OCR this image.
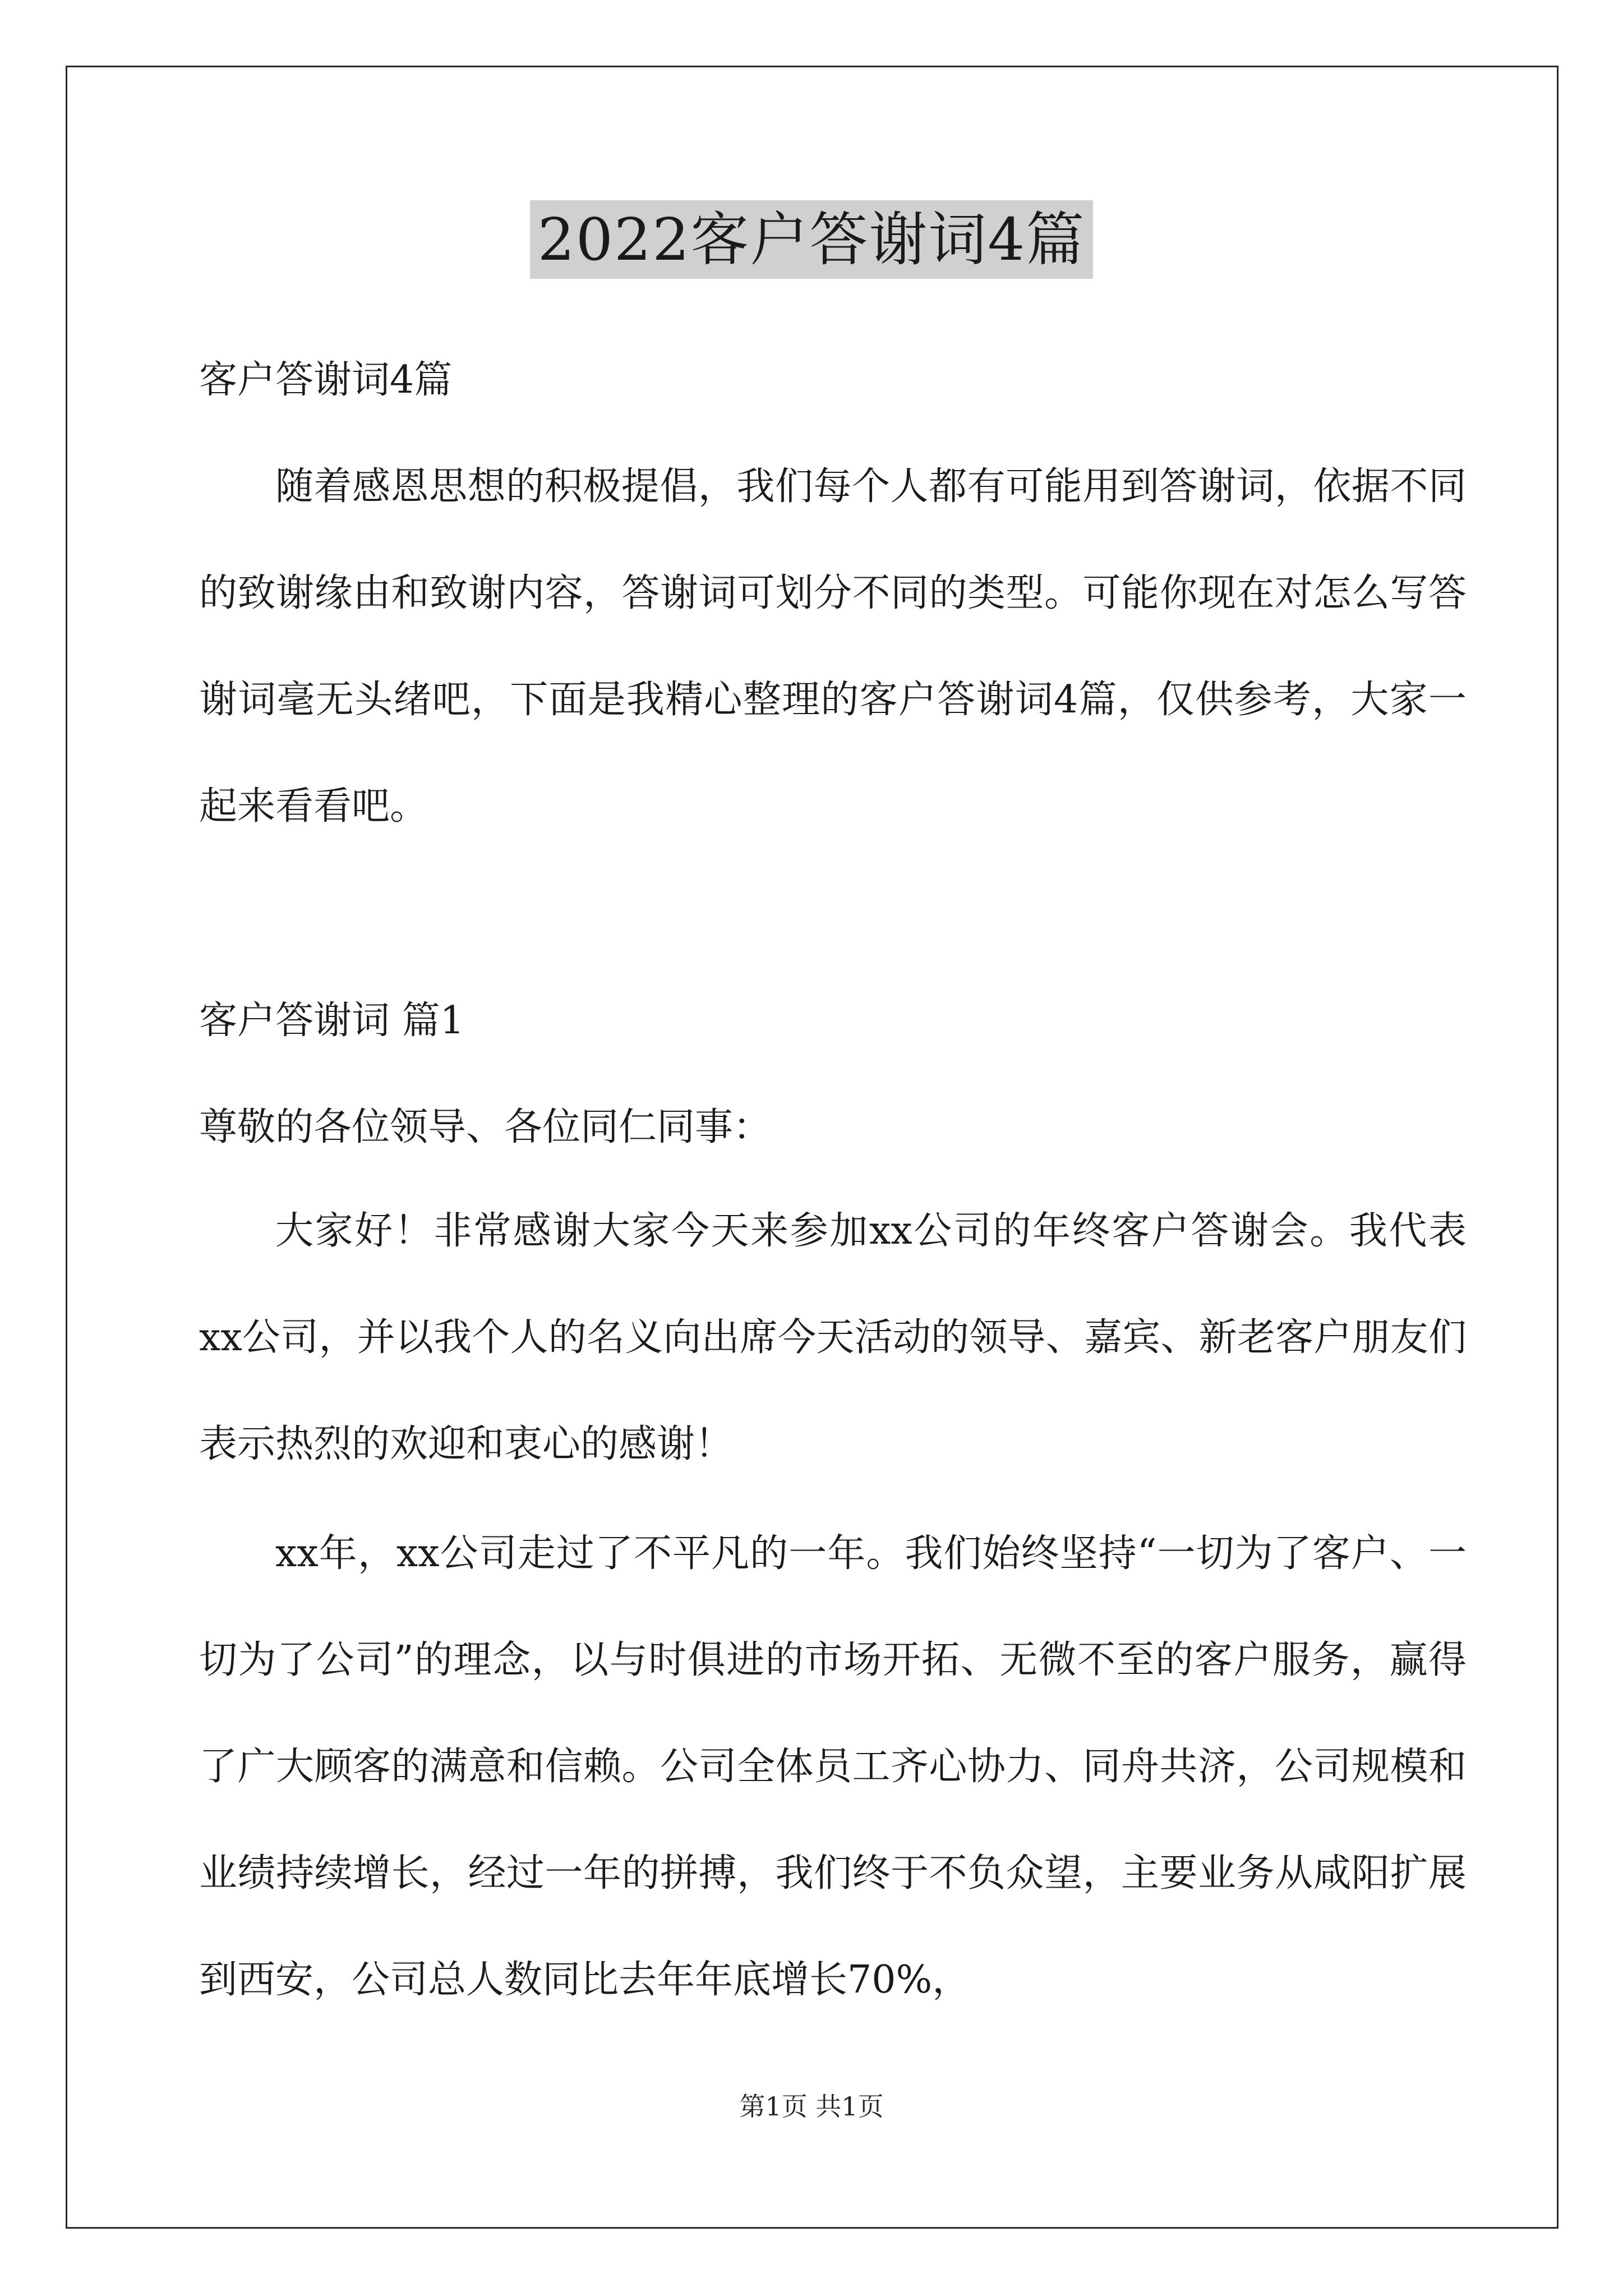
2022客户答谢词4篇
客户答谢词4篇
随着感恩思想的积极提倡，我们每个人都有可能用到答谢词，依据不同的致谢缘由和致谢内容，答谢词可划分不同的类型。可能你现在对怎么写答谢词毫无头绪吧，下面是我精心整理的客户答谢词4篇，仅供参考，大家一起来看看吧。
客户答谢词 篇1
尊敬的各位领导、各位同仁同事：
大家好！非常感谢大家今天来参加xx公司的年终客户答谢会。我代表xx公司，并以我个人的名义向出席今天活动的领导、嘉宾、新老客户朋友们表示热烈的欢迎和衷心的感谢！
xx年，xx公司走过了不平凡的一年。我们始终坚持“一切为了客户、一切为了公司”的理念，以与时俱进的市场开拓、无微不至的客户服务，赢得了广大顾客的满意和信赖。公司全体员工齐心协力、同舟共济，公司规模和业绩持续增长，经过一年的拼搏，我们终于不负众望，主要业务从咸阳扩展到西安，公司总人数同比去年年底增长70%，
第1页 共1页
